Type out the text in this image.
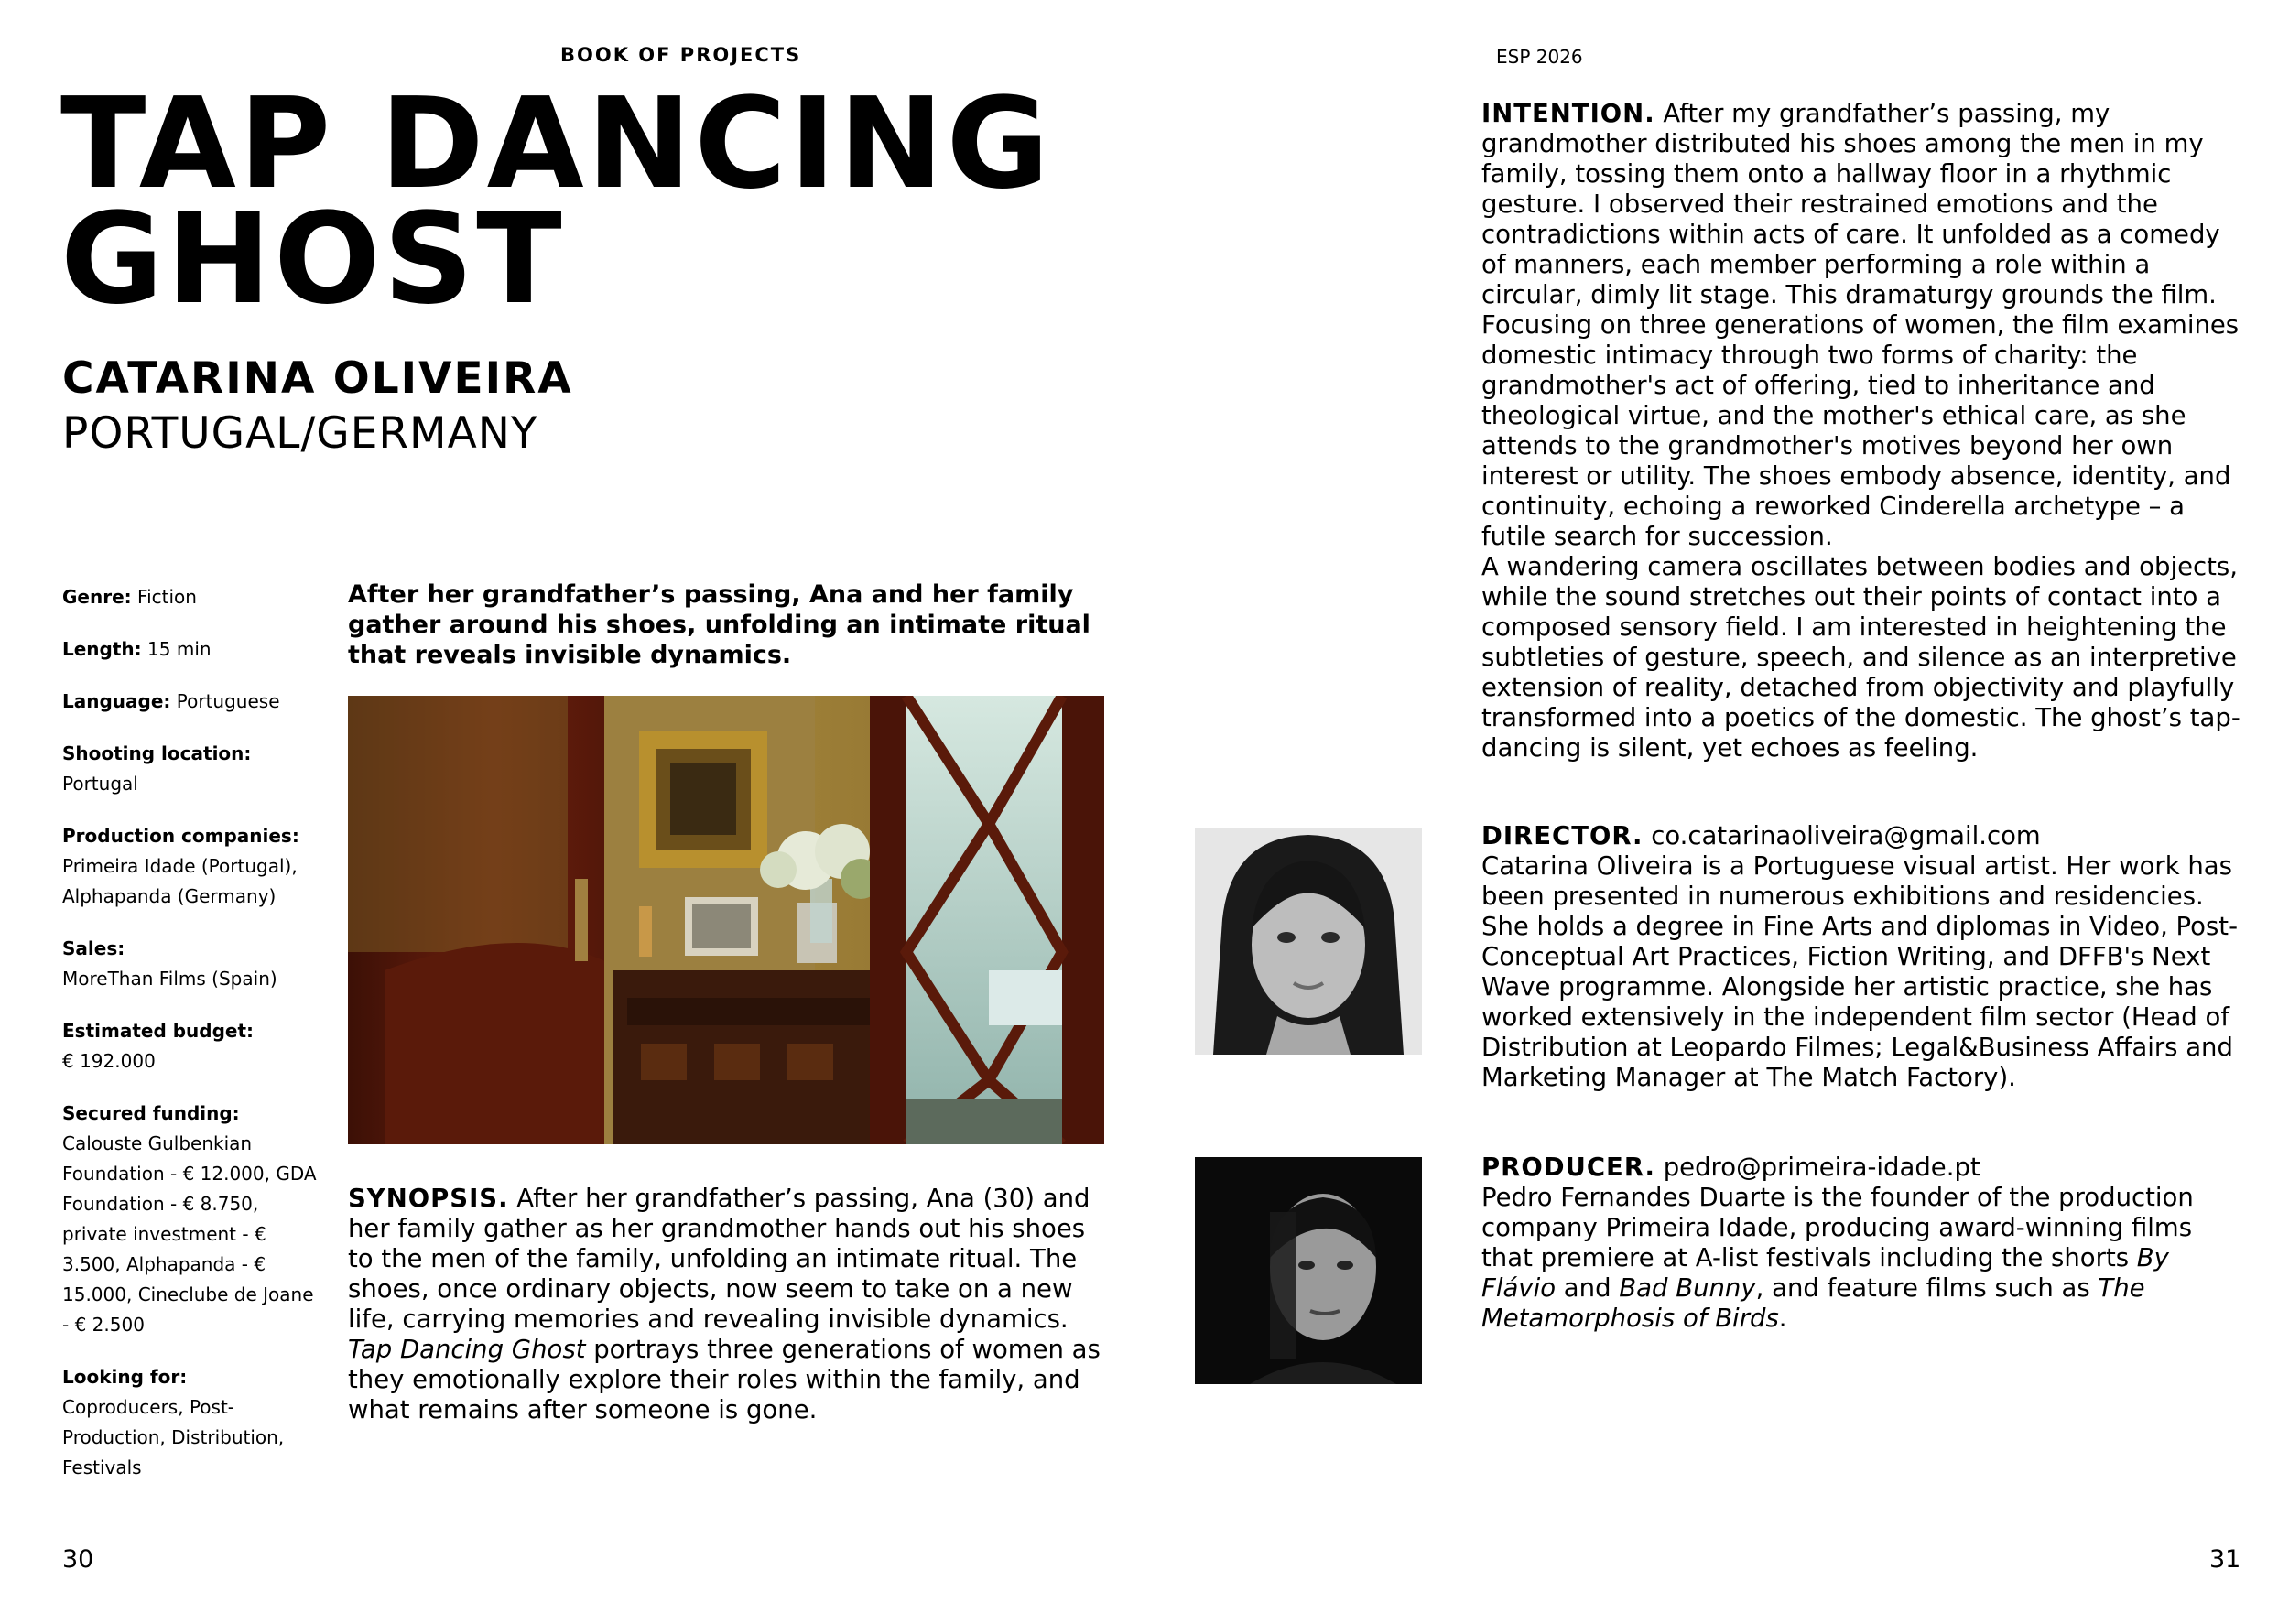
BOOK OF PROJECTS	ESP 2026
TAP DANCING
GHOST
CATARINA OLIVEIRA
PORTUGAL/GERMANY
Genre: Fiction
Length: 15 min
Language: Portuguese
Shooting location:
Portugal
Production companies:
Primeira Idade (Portugal), Alphapanda (Germany)
Sales:
MoreThan Films (Spain)
Estimated budget:
€ 192.000
Secured funding:
Calouste Gulbenkian Foundation - € 12.000, GDA Foundation - € 8.750, private investment - € 3.500, Alphapanda - € 15.000, Cineclube de Joane - € 2.500
Looking for:
Coproducers, Post-Production, Distribution, Festivals
After her grandfather’s passing, Ana and her family gather around his shoes, unfolding an intimate ritual that reveals invisible dynamics.
SYNOPSIS. After her grandfather’s passing, Ana (30) and her family gather as her grandmother hands out his shoes to the men of the family, unfolding an intimate ritual. The shoes, once ordinary objects, now seem to take on a new life, carrying memories and revealing invisible dynamics. Tap Dancing Ghost portrays three generations of women as they emotionally explore their roles within the family, and what remains after someone is gone.
INTENTION. After my grandfather’s passing, my grandmother distributed his shoes among the men in my family, tossing them onto a hallway floor in a rhythmic gesture. I observed their restrained emotions and the contradictions within acts of care. It unfolded as a comedy of manners, each member performing a role within a circular, dimly lit stage. This dramaturgy grounds the film. Focusing on three generations of women, the film examines domestic intimacy through two forms of charity: the grandmother's act of offering, tied to inheritance and theological virtue, and the mother's ethical care, as she attends to the grandmother's motives beyond her own interest or utility. The shoes embody absence, identity, and continuity, echoing a reworked Cinderella archetype – a futile search for succession.
A wandering camera oscillates between bodies and objects, while the sound stretches out their points of contact into a composed sensory field. I am interested in heightening the subtleties of gesture, speech, and silence as an interpretive extension of reality, detached from objectivity and playfully transformed into a poetics of the domestic. The ghost’s tap-dancing is silent, yet echoes as feeling.
DIRECTOR. co.catarinaoliveira@gmail.com
Catarina Oliveira is a Portuguese visual artist. Her work has been presented in numerous exhibitions and residencies. She holds a degree in Fine Arts and diplomas in Video, Post-Conceptual Art Practices, Fiction Writing, and DFFB's Next Wave programme. Alongside her artistic practice, she has worked extensively in the independent film sector (Head of Distribution at Leopardo Filmes; Legal&Business Affairs and Marketing Manager at The Match Factory).
PRODUCER. pedro@primeira-idade.pt
Pedro Fernandes Duarte is the founder of the production company Primeira Idade, producing award-winning films that premiere at A-list festivals including the shorts By Flávio and Bad Bunny, and feature films such as The Metamorphosis of Birds.
30	31
